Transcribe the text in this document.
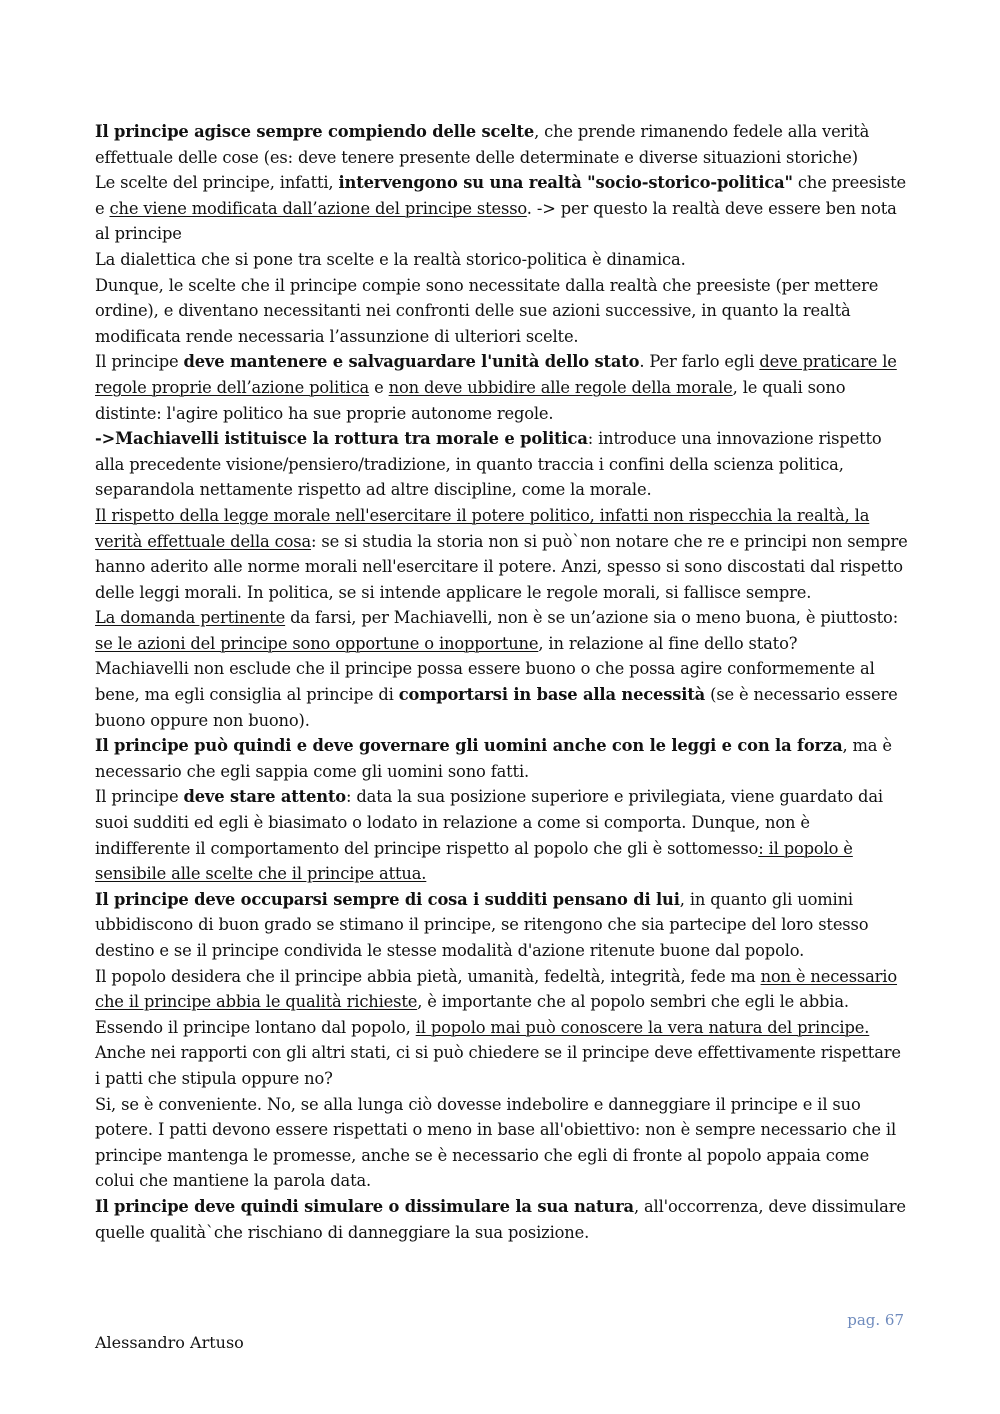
Il principe agisce sempre compiendo delle scelte, che prende rimanendo fedele alla verità effettuale delle cose (es: deve tenere presente delle determinate e diverse situazioni storiche)

Le scelte del principe, infatti, intervengono su una realtà "socio-storico-politica" che preesiste e che viene modificata dall’azione del principe stesso. -> per questo la realtà deve essere ben nota al principe

La dialettica che si pone tra scelte e la realtà storico-politica è dinamica.

Dunque, le scelte che il principe compie sono necessitate dalla realtà che preesiste (per mettere ordine), e diventano necessitanti nei confronti delle sue azioni successive, in quanto la realtà modificata rende necessaria l’assunzione di ulteriori scelte.

Il principe deve mantenere e salvaguardare l'unità dello stato. Per farlo egli deve praticare le regole proprie dell’azione politica e non deve ubbidire alle regole della morale, le quali sono distinte: l'agire politico ha sue proprie autonome regole.

->Machiavelli istituisce la rottura tra morale e politica: introduce una innovazione rispetto alla precedente visione/pensiero/tradizione, in quanto traccia i confini della scienza politica, separandola nettamente rispetto ad altre discipline, come la morale.

Il rispetto della legge morale nell'esercitare il potere politico, infatti non rispecchia la realtà, la verità effettuale della cosa: se si studia la storia non si può`non notare che re e principi non sempre hanno aderito alle norme morali nell'esercitare il potere. Anzi, spesso si sono discostati dal rispetto delle leggi morali. In politica, se si intende applicare le regole morali, si fallisce sempre.

La domanda pertinente da farsi, per Machiavelli, non è se un’azione sia o meno buona, è piuttosto: se le azioni del principe sono opportune o inopportune, in relazione al fine dello stato?

Machiavelli non esclude che il principe possa essere buono o che possa agire conformemente al bene, ma egli consiglia al principe di comportarsi in base alla necessità (se è necessario essere buono oppure non buono).

Il principe può quindi e deve governare gli uomini anche con le leggi e con la forza, ma è necessario che egli sappia come gli uomini sono fatti.

Il principe deve stare attento: data la sua posizione superiore e privilegiata, viene guardato dai suoi sudditi ed egli è biasimato o lodato in relazione a come si comporta. Dunque, non è indifferente il comportamento del principe rispetto al popolo che gli è sottomesso: il popolo è sensibile alle scelte che il principe attua.

Il principe deve occuparsi sempre di cosa i sudditi pensano di lui, in quanto gli uomini ubbidiscono di buon grado se stimano il principe, se ritengono che sia partecipe del loro stesso destino e se il principe condivida le stesse modalità d'azione ritenute buone dal popolo.

Il popolo desidera che il principe abbia pietà, umanità, fedeltà, integrità, fede ma non è necessario che il principe abbia le qualità richieste, è importante che al popolo sembri che egli le abbia. Essendo il principe lontano dal popolo, il popolo mai può conoscere la vera natura del principe.

Anche nei rapporti con gli altri stati, ci si può chiedere se il principe deve effettivamente rispettare i patti che stipula oppure no?

Si, se è conveniente. No, se alla lunga ciò dovesse indebolire e danneggiare il principe e il suo potere. I patti devono essere rispettati o meno in base all'obiettivo: non è sempre necessario che il principe mantenga le promesse, anche se è necessario che egli di fronte al popolo appaia come colui che mantiene la parola data.

Il principe deve quindi simulare o dissimulare la sua natura, all'occorrenza, deve dissimulare quelle qualità`che rischiano di danneggiare la sua posizione.

pag. 67
Alessandro Artuso
